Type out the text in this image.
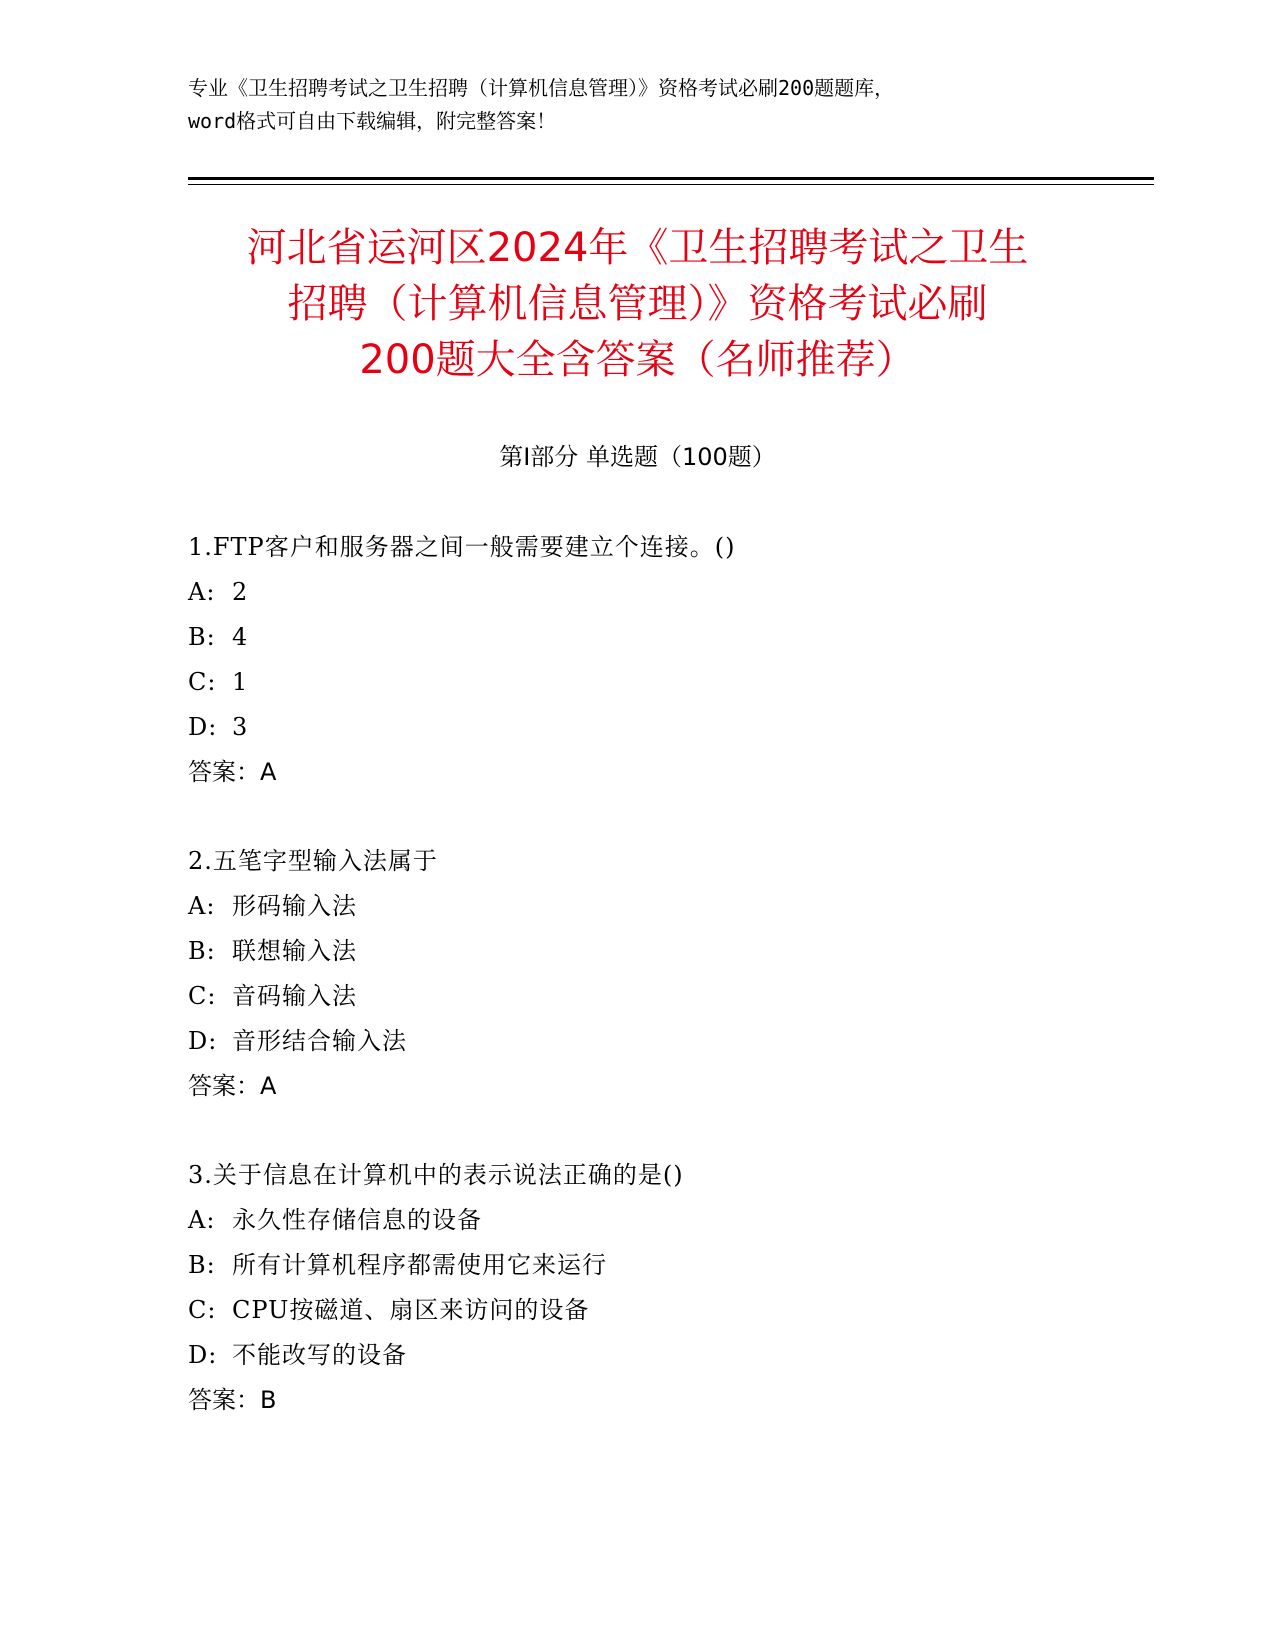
专业《卫生招聘考试之卫生招聘（计算机信息管理）》资格考试必刷200题题库，
word格式可自由下载编辑，附完整答案！
河北省运河区2024年《卫生招聘考试之卫生
招聘（计算机信息管理）》资格考试必刷
200题大全含答案（名师推荐）
第Ⅰ部分 单选题（100题）
1.FTP客户和服务器之间一般需要建立个连接。()
A: 2
B: 4
C: 1
D: 3
答案：A
2.五笔字型输入法属于
A: 形码输入法
B: 联想输入法
C: 音码输入法
D: 音形结合输入法
答案：A
3.关于信息在计算机中的表示说法正确的是()
A: 永久性存储信息的设备
B: 所有计算机程序都需使用它来运行
C: CPU按磁道、扇区来访问的设备
D: 不能改写的设备
答案：B
